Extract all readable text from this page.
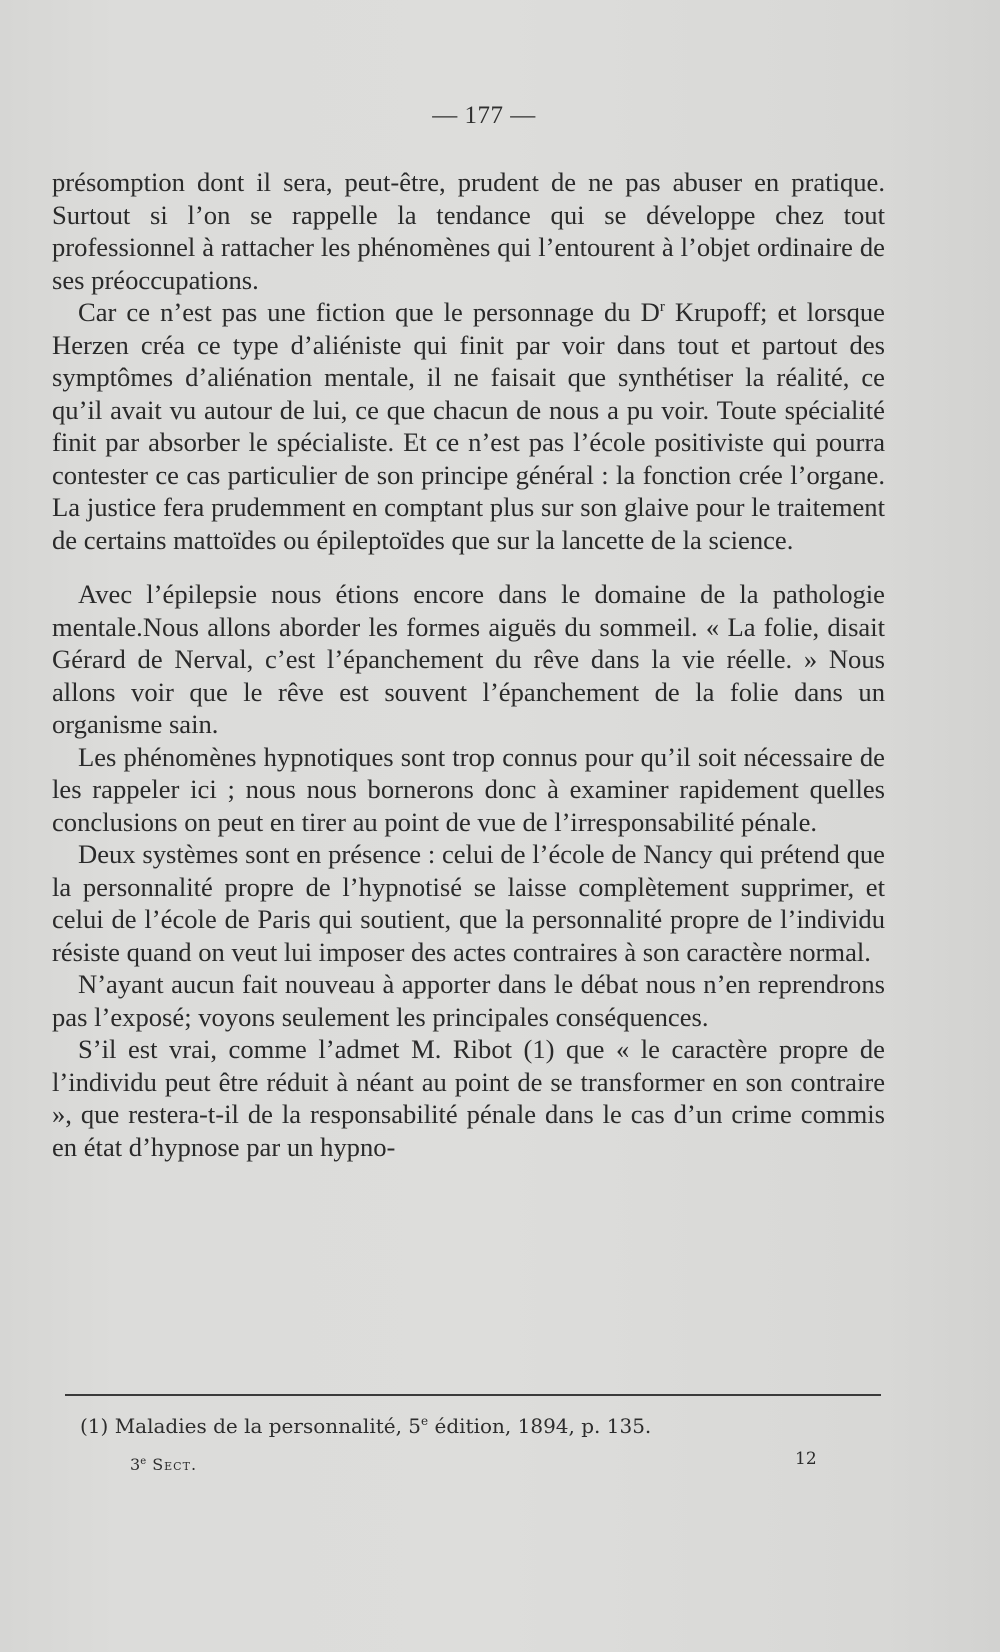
— 177 —

présomption dont il sera, peut-être, prudent de ne pas abuser en pratique. Surtout si l’on se rappelle la tendance qui se développe chez tout professionnel à rattacher les phénomènes qui l’entourent à l’objet ordinaire de ses préoccupations.

Car ce n’est pas une fiction que le personnage du $D^r$ Krupoff; et lorsque Herzen créa ce type d’aliéniste qui finit par voir dans tout et partout des symptômes d’aliénation mentale, il ne faisait que synthétiser la réalité, ce qu’il avait vu autour de lui, ce que chacun de nous a pu voir. Toute spécialité finit par absorber le spécialiste. Et ce n’est pas l’école positiviste qui pourra contester ce cas particulier de son principe général : la fonction crée l’organe. La justice fera prudemment en comptant plus sur son glaive pour le traitement de certains mattoïdes ou épileptoïdes que sur la lancette de la science.

Avec l’épilepsie nous étions encore dans le domaine de la pathologie mentale.Nous allons aborder les formes aiguës du sommeil. « La folie, disait Gérard de Nerval, c’est l’épanchement du rêve dans la vie réelle. » Nous allons voir que le rêve est souvent l’épanchement de la folie dans un organisme sain.

Les phénomènes hypnotiques sont trop connus pour qu’il soit nécessaire de les rappeler ici ; nous nous bornerons donc à examiner rapidement quelles conclusions on peut en tirer au point de vue de l’irresponsabilité pénale.

Deux systèmes sont en présence : celui de l’école de Nancy qui prétend que la personnalité propre de l’hypnotisé se laisse complètement supprimer, et celui de l’école de Paris qui soutient, que la personnalité propre de l’individu résiste quand on veut lui imposer des actes contraires à son caractère normal.

N’ayant aucun fait nouveau à apporter dans le débat nous n’en reprendrons pas l’exposé; voyons seulement les principales conséquences.

S’il est vrai, comme l’admet M. Ribot (1) que « le caractère propre de l’individu peut être réduit à néant au point de se transformer en son contraire », que restera-t-il de la responsabilité pénale dans le cas d’un crime commis en état d’hypnose par un hypno-

(1) Maladies de la personnalité, 5e édition, 1894, p. 135.
3e Sect.	12
